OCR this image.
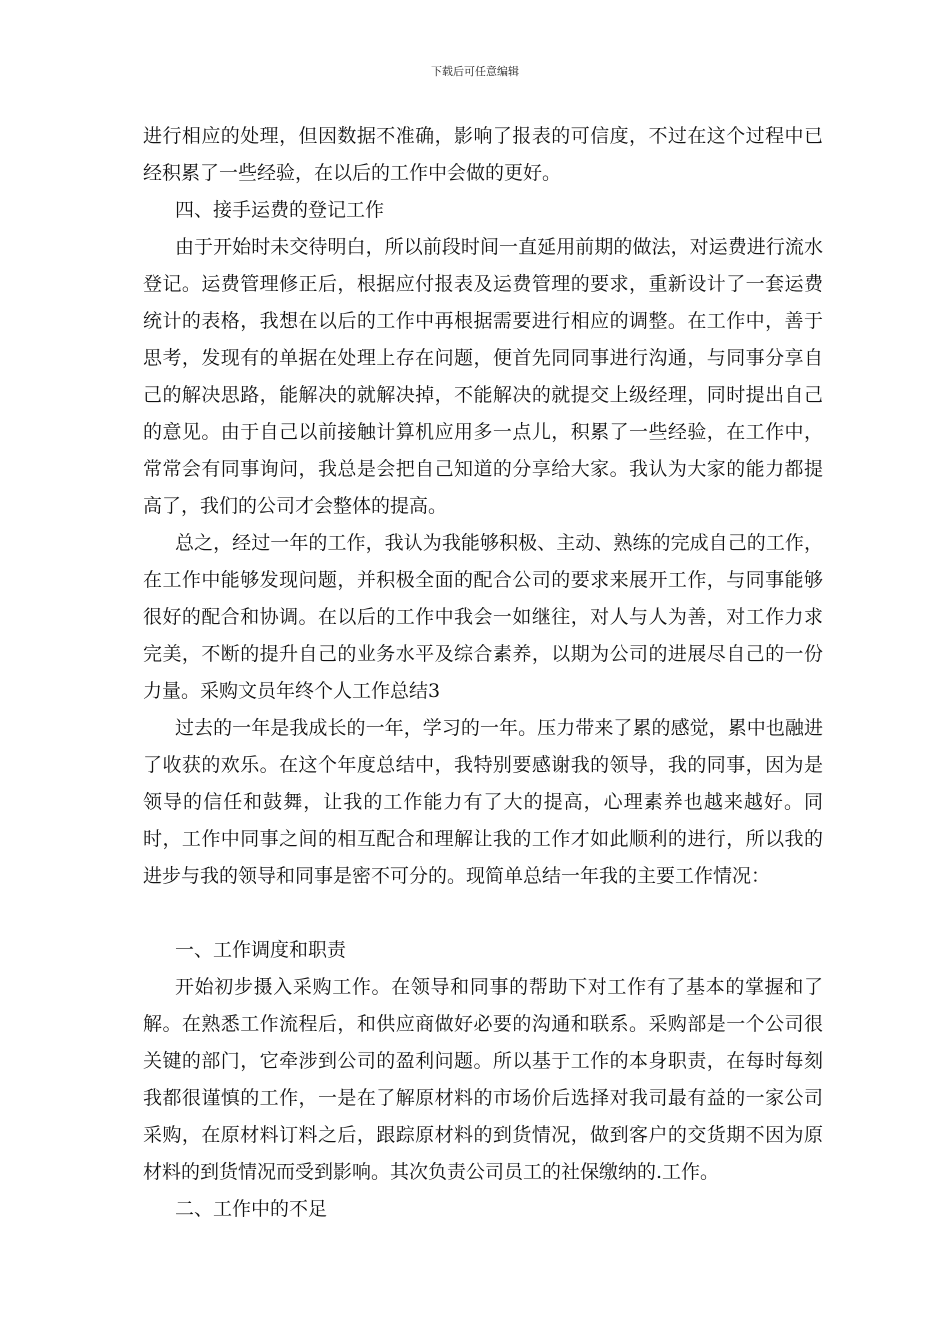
下载后可任意编辑

进行相应的处理，但因数据不准确，影响了报表的可信度，不过在这个过程中已经积累了一些经验，在以后的工作中会做的更好。

四、接手运费的登记工作

由于开始时未交待明白，所以前段时间一直延用前期的做法，对运费进行流水登记。运费管理修正后，根据应付报表及运费管理的要求，重新设计了一套运费统计的表格，我想在以后的工作中再根据需要进行相应的调整。在工作中，善于思考，发现有的单据在处理上存在问题，便首先同同事进行沟通，与同事分享自己的解决思路，能解决的就解决掉，不能解决的就提交上级经理，同时提出自己的意见。由于自己以前接触计算机应用多一点儿，积累了一些经验，在工作中，常常会有同事询问，我总是会把自己知道的分享给大家。我认为大家的能力都提高了，我们的公司才会整体的提高。

总之，经过一年的工作，我认为我能够积极、主动、熟练的完成自己的工作，在工作中能够发现问题，并积极全面的配合公司的要求来展开工作，与同事能够很好的配合和协调。在以后的工作中我会一如继往，对人与人为善，对工作力求完美，不断的提升自己的业务水平及综合素养，以期为公司的进展尽自己的一份力量。采购文员年终个人工作总结3

过去的一年是我成长的一年，学习的一年。压力带来了累的感觉，累中也融进了收获的欢乐。在这个年度总结中，我特别要感谢我的领导，我的同事，因为是领导的信任和鼓舞，让我的工作能力有了大的提高，心理素养也越来越好。同时，工作中同事之间的相互配合和理解让我的工作才如此顺利的进行，所以我的进步与我的领导和同事是密不可分的。现简单总结一年我的主要工作情况：

一、工作调度和职责

开始初步摄入采购工作。在领导和同事的帮助下对工作有了基本的掌握和了解。在熟悉工作流程后，和供应商做好必要的沟通和联系。采购部是一个公司很关键的部门，它牵涉到公司的盈利问题。所以基于工作的本身职责，在每时每刻我都很谨慎的工作，一是在了解原材料的市场价后选择对我司最有益的一家公司采购，在原材料订料之后，跟踪原材料的到货情况，做到客户的交货期不因为原材料的到货情况而受到影响。其次负责公司员工的社保缴纳的.工作。

二、工作中的不足
